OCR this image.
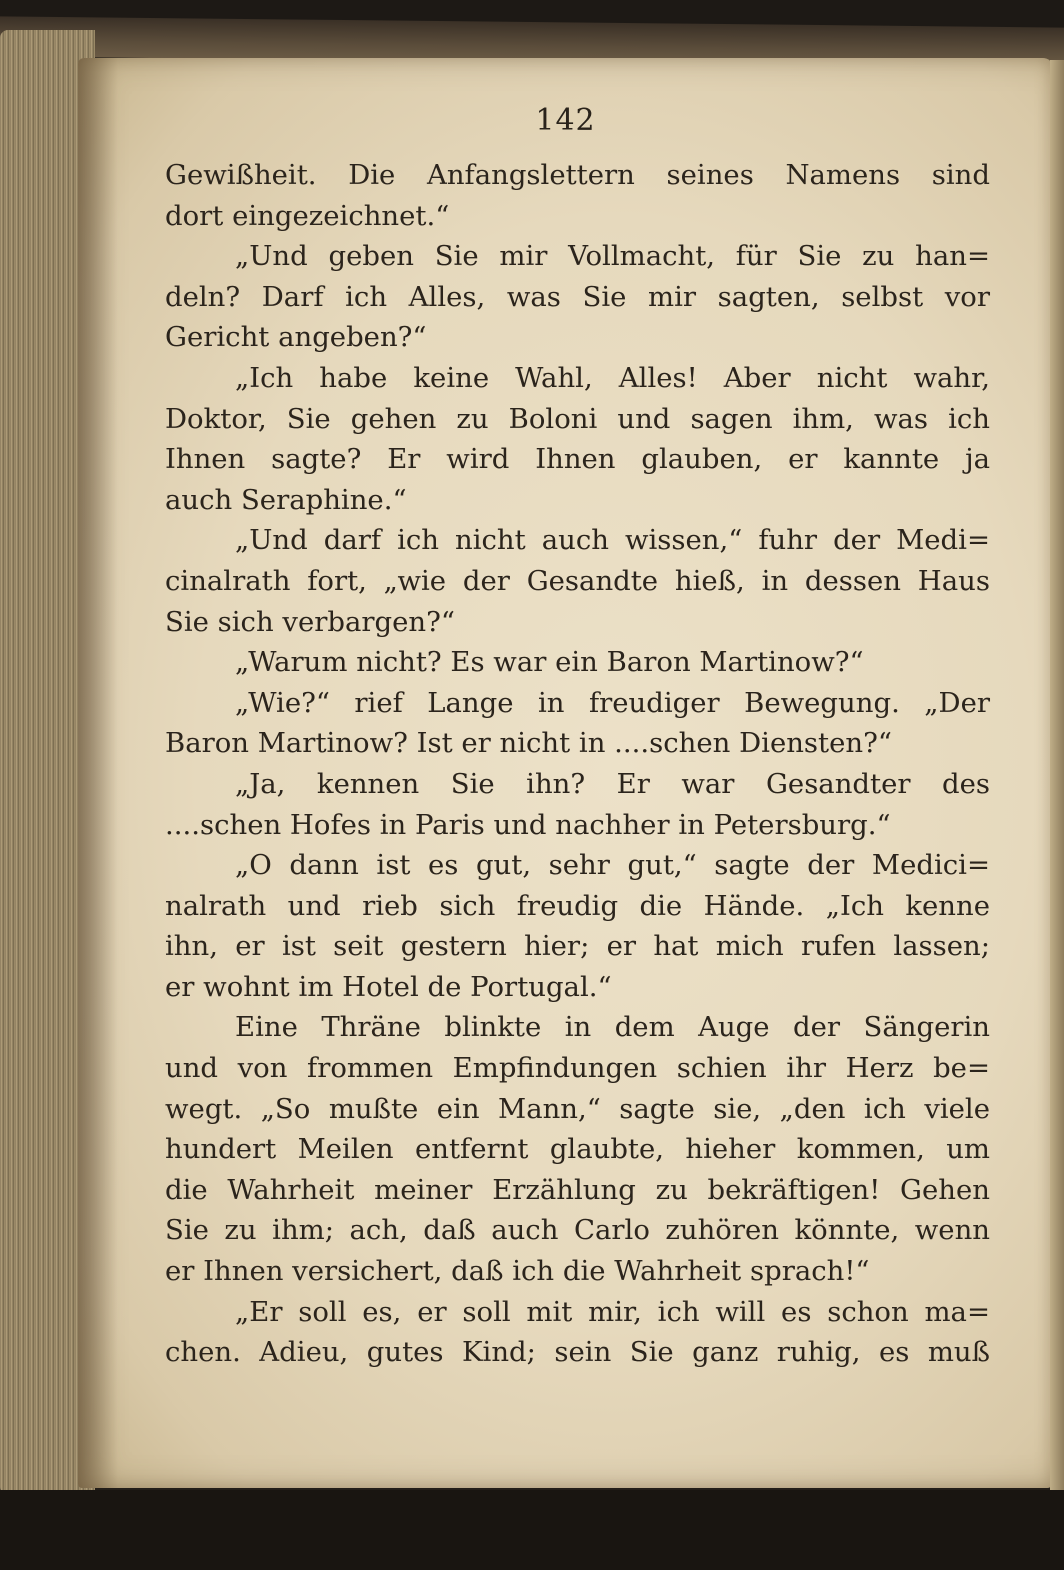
142
Gewißheit. Die Anfangslettern seines Namens sind
dort eingezeichnet.“
„Und geben Sie mir Vollmacht, für Sie zu han=
deln? Darf ich Alles, was Sie mir sagten, selbst vor
Gericht angeben?“
„Ich habe keine Wahl, Alles! Aber nicht wahr,
Doktor, Sie gehen zu Boloni und sagen ihm, was ich
Ihnen sagte? Er wird Ihnen glauben, er kannte ja
auch Seraphine.“
„Und darf ich nicht auch wissen,“ fuhr der Medi=
cinalrath fort, „wie der Gesandte hieß, in dessen Haus
Sie sich verbargen?“
„Warum nicht? Es war ein Baron Martinow?“
„Wie?“ rief Lange in freudiger Bewegung. „Der
Baron Martinow? Ist er nicht in ....schen Diensten?“
„Ja, kennen Sie ihn? Er war Gesandter des
....schen Hofes in Paris und nachher in Petersburg.“
„O dann ist es gut, sehr gut,“ sagte der Medici=
nalrath und rieb sich freudig die Hände. „Ich kenne
ihn, er ist seit gestern hier; er hat mich rufen lassen;
er wohnt im Hotel de Portugal.“
Eine Thräne blinkte in dem Auge der Sängerin
und von frommen Empfindungen schien ihr Herz be=
wegt. „So mußte ein Mann,“ sagte sie, „den ich viele
hundert Meilen entfernt glaubte, hieher kommen, um
die Wahrheit meiner Erzählung zu bekräftigen! Gehen
Sie zu ihm; ach, daß auch Carlo zuhören könnte, wenn
er Ihnen versichert, daß ich die Wahrheit sprach!“
„Er soll es, er soll mit mir, ich will es schon ma=
chen. Adieu, gutes Kind; sein Sie ganz ruhig, es muß
